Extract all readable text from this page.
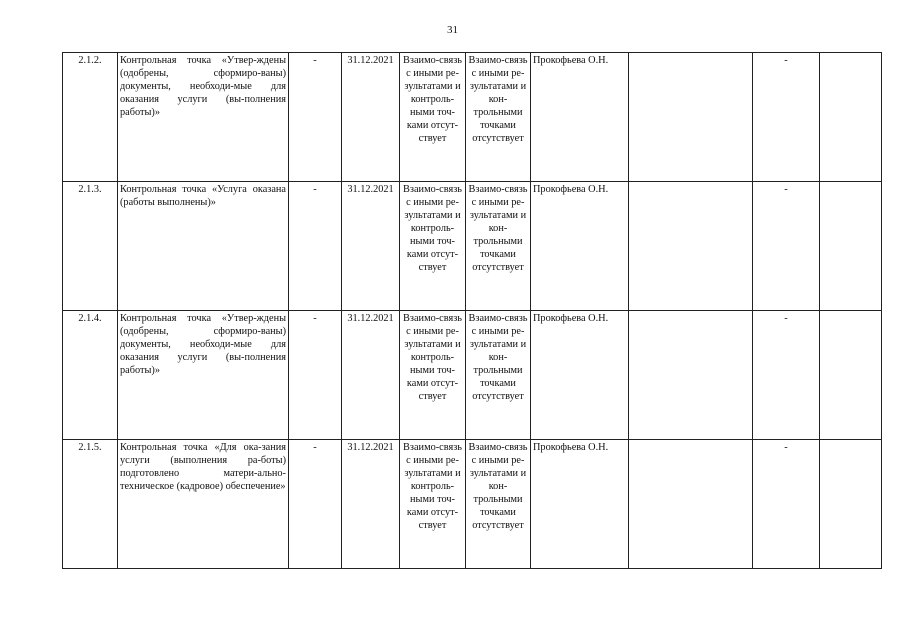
31
2.1.2.	Контрольная точка «Утвер-ждены (одобрены, сформиро-ваны) документы, необходи-мые для оказания услуги (вы-полнения работы)»	-	31.12.2021	Взаимо-связь с иными ре-зультатами и контроль-ными точ-ками отсут-ствует	Взаимо-связь с иными ре-зультатами и кон-трольными точками отсутствует	Прокофьева О.Н.		-	
2.1.3.	Контрольная точка «Услуга оказана (работы выполнены)»	-	31.12.2021	Взаимо-связь с иными ре-зультатами и контроль-ными точ-ками отсут-ствует	Взаимо-связь с иными ре-зультатами и кон-трольными точками отсутствует	Прокофьева О.Н.		-	
2.1.4.	Контрольная точка «Утвер-ждены (одобрены, сформиро-ваны) документы, необходи-мые для оказания услуги (вы-полнения работы)»	-	31.12.2021	Взаимо-связь с иными ре-зультатами и контроль-ными точ-ками отсут-ствует	Взаимо-связь с иными ре-зультатами и кон-трольными точками отсутствует	Прокофьева О.Н.		-	
2.1.5.	Контрольная точка «Для ока-зания услуги (выполнения ра-боты) подготовлено матери-ально-техническое (кадровое) обеспечение»	-	31.12.2021	Взаимо-связь с иными ре-зультатами и контроль-ными точ-ками отсут-ствует	Взаимо-связь с иными ре-зультатами и кон-трольными точками отсутствует	Прокофьева О.Н.		-	
